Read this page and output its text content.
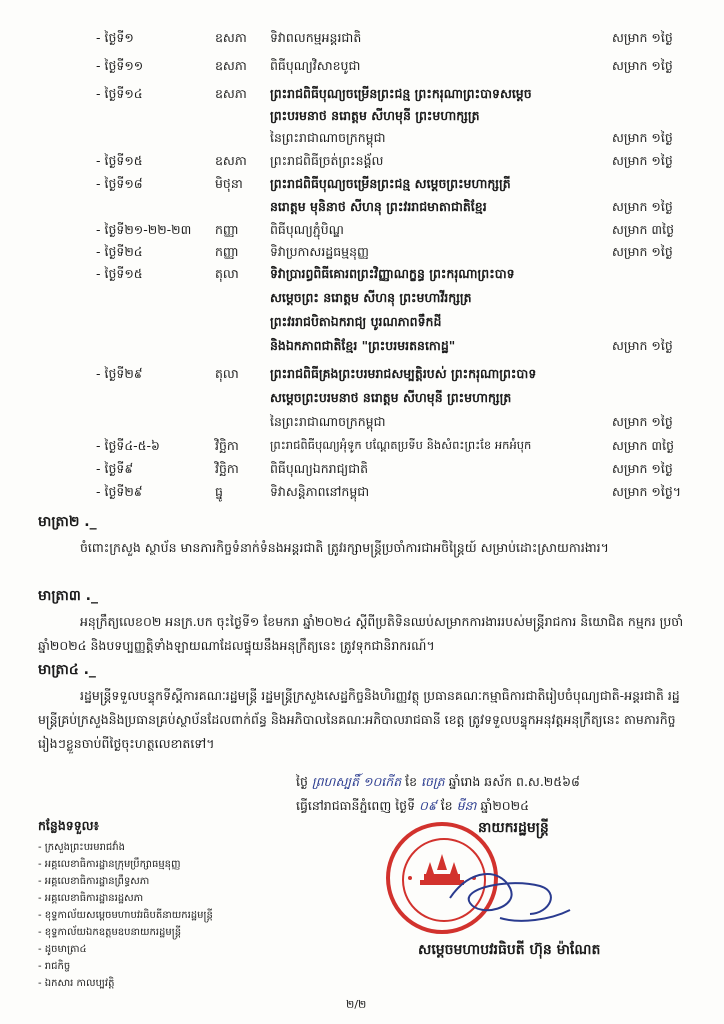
- ថ្ងៃទី១	ឧសភា ទិវាពលកម្មអន្តរជាតិ	សម្រាក ១ថ្ងៃ
- ថ្ងៃទី១១	ឧសភា ពិធីបុណ្យវិសាខបូជា	សម្រាក ១ថ្ងៃ
- ថ្ងៃទី១៤	ឧសភា ព្រះរាជពិធីបុណ្យចម្រើនព្រះជន្ម ព្រះករុណាព្រះបាទសម្តេច
ព្រះបរមនាថ នរោត្តម សីហមុនី ព្រះមហាក្សត្រ
នៃព្រះរាជាណាចក្រកម្ពុជា	សម្រាក ១ថ្ងៃ
- ថ្ងៃទី១៥	ឧសភា ព្រះរាជពិធីច្រត់ព្រះនង្គ័ល	សម្រាក ១ថ្ងៃ
- ថ្ងៃទី១៨	មិថុនា ព្រះរាជពិធីបុណ្យចម្រើនព្រះជន្ម សម្តេចព្រះមហាក្សត្រី
នរោត្តម មុនិនាថ សីហនុ ព្រះវររាជមាតាជាតិខ្មែរ	សម្រាក ១ថ្ងៃ
- ថ្ងៃទី២១-២២-២៣ កញ្ញា	ពិធីបុណ្យភ្ជុំបិណ្ឌ	សម្រាក ៣ថ្ងៃ
- ថ្ងៃទី២៤	កញ្ញា	ទិវាប្រកាសរដ្ឋធម្មនុញ្ញ	សម្រាក ១ថ្ងៃ
- ថ្ងៃទី១៥	តុលា ទិវាប្រារព្ធពិធីគោរពព្រះវិញ្ញាណក្ខន្ធ ព្រះករុណាព្រះបាទ
សម្តេចព្រះ នរោត្តម សីហនុ ព្រះមហាវីរក្សត្រ
ព្រះវររាជបិតាឯករាជ្យ បូរណភាពទឹកដី
និងឯកភាពជាតិខ្មែរ "ព្រះបរមរតនកោដ្ឋ"	សម្រាក ១ថ្ងៃ
- ថ្ងៃទី២៩	តុលា ព្រះរាជពិធីគ្រងព្រះបរមរាជសម្បត្តិរបស់ ព្រះករុណាព្រះបាទ
សម្តេចព្រះបរមនាថ នរោត្តម សីហមុនី ព្រះមហាក្សត្រ
នៃព្រះរាជាណាចក្រកម្ពុជា	សម្រាក ១ថ្ងៃ
- ថ្ងៃទី៤-៥-៦	វិច្ឆិកា	ព្រះរាជពិធីបុណ្យអុំទូក បណ្តែតប្រទីប និងសំពះព្រះខែ អកអំបុក	សម្រាក ៣ថ្ងៃ
- ថ្ងៃទី៩	វិច្ឆិកា ពិធីបុណ្យឯករាជ្យជាតិ	សម្រាក ១ថ្ងៃ
- ថ្ងៃទី២៩	ធ្នូ	ទិវាសន្តិភាពនៅកម្ពុជា	សម្រាក ១ថ្ងៃ។
មាត្រា២ ._
ចំពោះក្រសួង ស្ថាប័ន មានភារកិច្ចទំនាក់ទំនងអន្តរជាតិ ត្រូវរក្សាមន្ត្រីប្រចាំការជាអចិន្ត្រៃយ៍ សម្រាប់ដោះស្រាយការងារ។
មាត្រា៣ ._
អនុក្រឹត្យលេខ០២ អនក្រ.បក ចុះថ្ងៃទី១ ខែមករា ឆ្នាំ២០២៤ ស្តីពីប្រតិទិនឈប់សម្រាកការងាររបស់មន្ត្រីរាជការ និយោជិត កម្មករ ប្រចាំឆ្នាំ២០២៤ និងបទប្បញ្ញត្តិទាំងឡាយណាដែលផ្ទុយនឹងអនុក្រឹត្យនេះ ត្រូវទុកជានិរាករណ៍។
មាត្រា៤ ._
រដ្ឋមន្ត្រីទទួលបន្ទុកទីស្តីការគណៈរដ្ឋមន្ត្រី រដ្ឋមន្ត្រីក្រសួងសេដ្ឋកិច្ចនិងហិរញ្ញវត្ថុ ប្រធានគណៈកម្មាធិការជាតិរៀបចំបុណ្យជាតិ-អន្តរជាតិ រដ្ឋមន្ត្រីគ្រប់ក្រសួងនិងប្រធានគ្រប់ស្ថាប័នដែលពាក់ព័ន្ធ និងអភិបាលនៃគណៈអភិបាលរាជធានី ខេត្ត ត្រូវទទួលបន្ទុកអនុវត្តអនុក្រឹត្យនេះ តាមភារកិច្ចរៀងៗខ្លួនចាប់ពីថ្ងៃចុះហត្ថលេខាតទៅ។
ថ្ងៃ ព្រហស្បតិ៍ ១០កើត ខែ ចេត្រ ឆ្នាំរោង ឆស័ក ព.ស.២៥៦៨
ធ្វើនៅរាជធានីភ្នំពេញ ថ្ងៃទី ០៩ ខែ មីនា ឆ្នាំ២០២៤
កន្លែងទទួល៖
- ក្រសួងព្រះបរមរាជវាំង
- អគ្គលេខាធិការដ្ឋានក្រុមប្រឹក្សាធម្មនុញ្ញ
- អគ្គលេខាធិការដ្ឋានព្រឹទ្ធសភា
- អគ្គលេខាធិការដ្ឋានរដ្ឋសភា
- ខុទ្ទកាល័យសម្តេចមហាបវរធិបតីនាយករដ្ឋមន្ត្រី
- ខុទ្ទកាល័យឯកឧត្តមឧបនាយករដ្ឋមន្ត្រី
- ដូចមាត្រា៤
- រាជកិច្ច
- ឯកសារ កាលប្បវត្តិ
នាយករដ្ឋមន្ត្រី
សម្តេចមហាបវរធិបតី ហ៊ុន ម៉ាណែត
២/២
